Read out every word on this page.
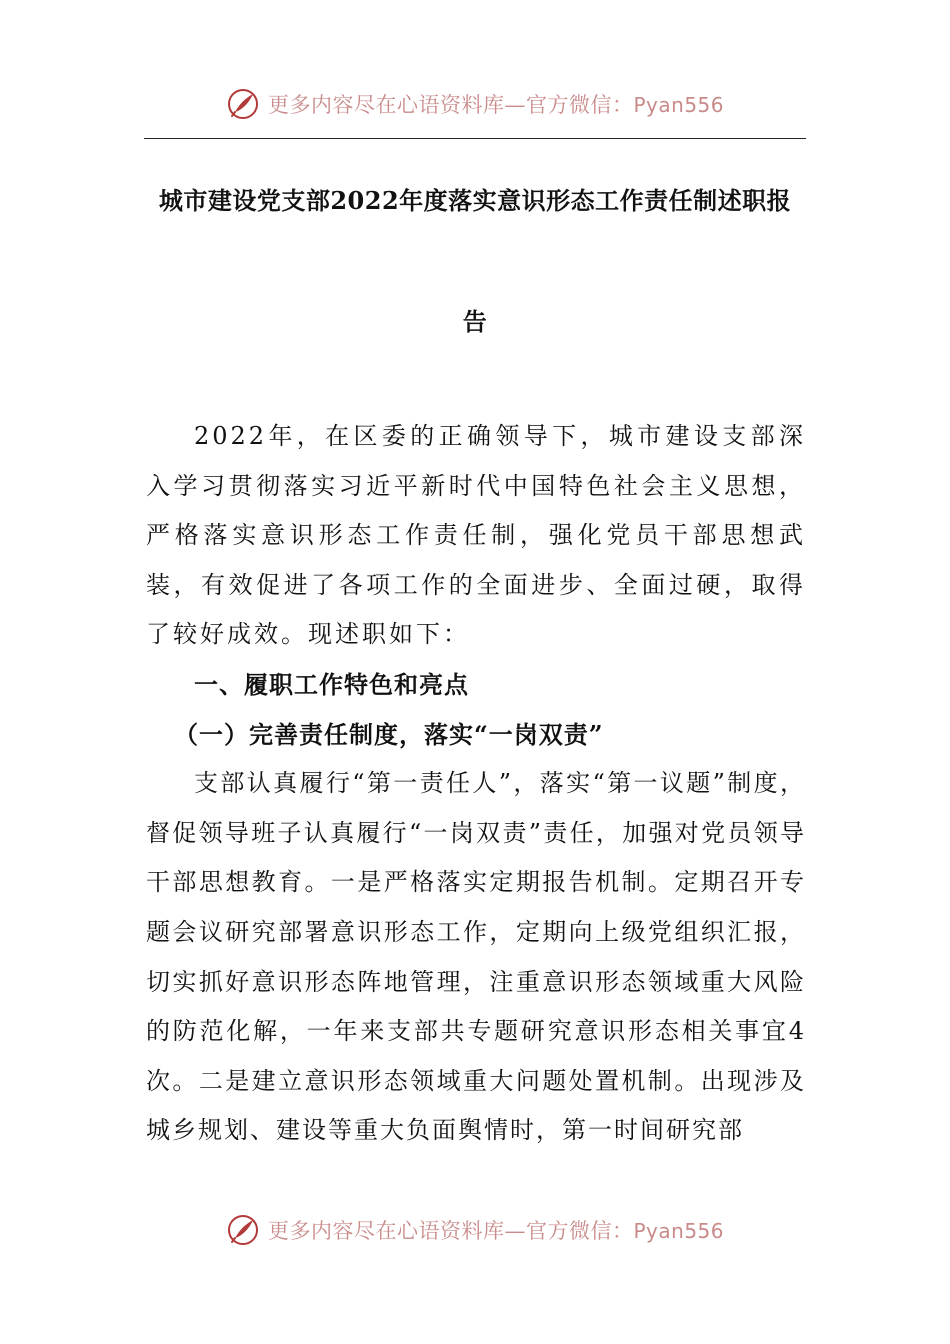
更多内容尽在心语资料库—官方微信：Pyan556
城市建设党支部2022年度落实意识形态工作责任制述职报
告

2022年，在区委的正确领导下，城市建设支部深入学习贯彻落实习近平新时代中国特色社会主义思想，严格落实意识形态工作责任制，强化党员干部思想武装，有效促进了各项工作的全面进步、全面过硬，取得了较好成效。现述职如下：

一、履职工作特色和亮点
（一）完善责任制度，落实“一岗双责”

支部认真履行“第一责任人”，落实“第一议题”制度，督促领导班子认真履行“一岗双责”责任，加强对党员领导干部思想教育。一是严格落实定期报告机制。定期召开专题会议研究部署意识形态工作，定期向上级党组织汇报，切实抓好意识形态阵地管理，注重意识形态领域重大风险的防范化解，一年来支部共专题研究意识形态相关事宜4次。二是建立意识形态领域重大问题处置机制。出现涉及城乡规划、建设等重大负面舆情时，第一时间研究部

更多内容尽在心语资料库—官方微信：Pyan556
